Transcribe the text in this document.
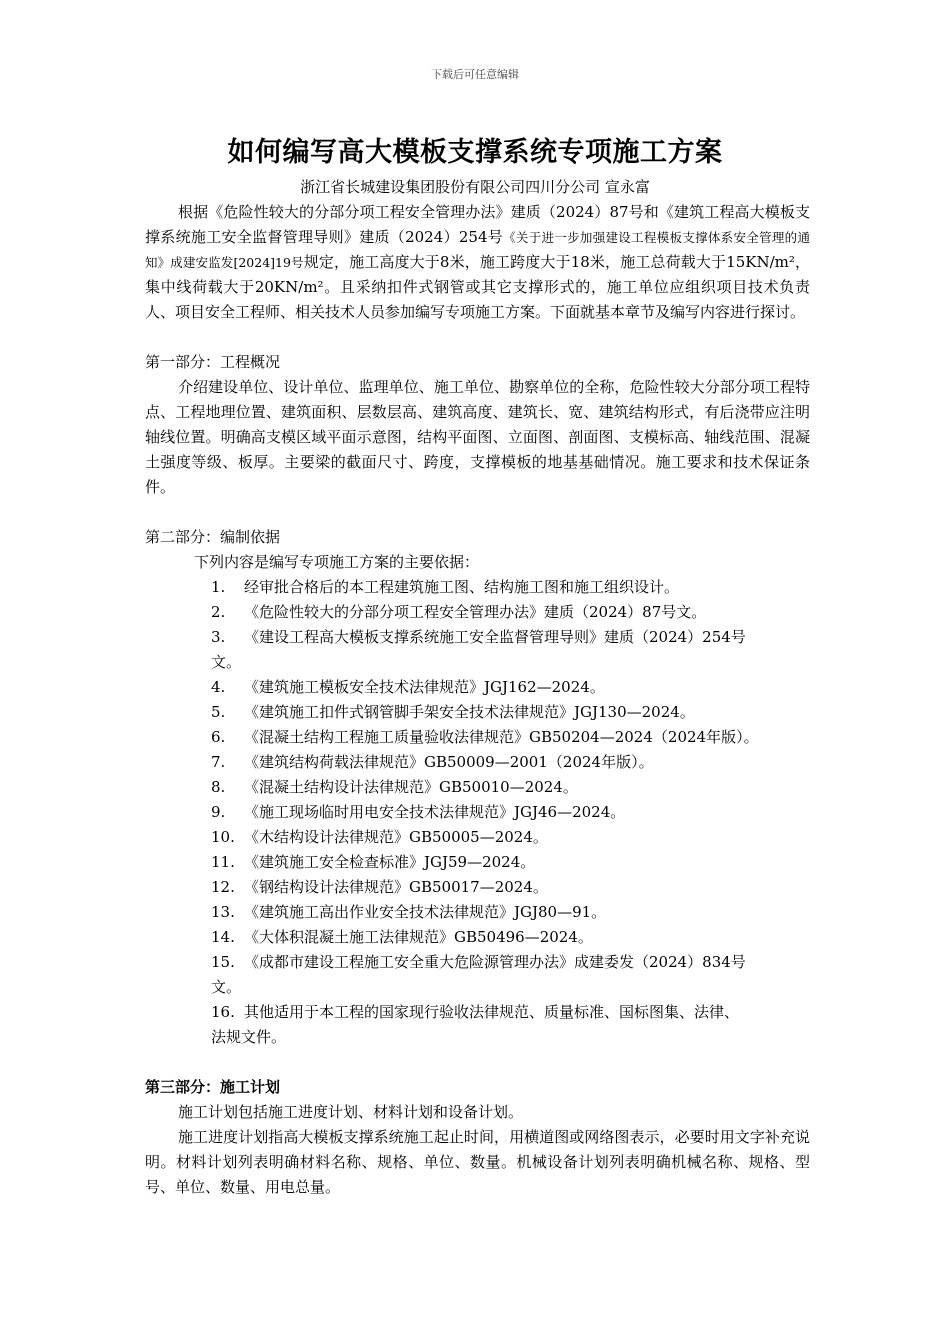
下载后可任意编辑
如何编写高大模板支撑系统专项施工方案
浙江省长城建设集团股份有限公司四川分公司 宣永富

根据《危险性较大的分部分项工程安全管理办法》建质（2024）87号和《建筑工程高大模板支撑系统施工安全监督管理导则》建质（2024）254号《关于进一步加强建设工程模板支撑体系安全管理的通知》成建安监发[2024]19号规定，施工高度大于8米，施工跨度大于18米，施工总荷载大于15KN/m²，集中线荷载大于20KN/m²。且采纳扣件式钢管或其它支撑形式的，施工单位应组织项目技术负责人、项目安全工程师、相关技术人员参加编写专项施工方案。下面就基本章节及编写内容进行探讨。

第一部分：工程概况

介绍建设单位、设计单位、监理单位、施工单位、勘察单位的全称，危险性较大分部分项工程特点、工程地理位置、建筑面积、层数层高、建筑高度、建筑长、宽、建筑结构形式，有后浇带应注明轴线位置。明确高支模区域平面示意图，结构平面图、立面图、剖面图、支模标高、轴线范围、混凝土强度等级、板厚。主要梁的截面尺寸、跨度，支撑模板的地基基础情况。施工要求和技术保证条件。

第二部分：编制依据

下列内容是编写专项施工方案的主要依据：

1. 经审批合格后的本工程建筑施工图、结构施工图和施工组织设计。
2. 《危险性较大的分部分项工程安全管理办法》建质（2024）87号文。
3. 《建设工程高大模板支撑系统施工安全监督管理导则》建质（2024）254号
文。
4. 《建筑施工模板安全技术法律规范》JGJ162—2024。
5. 《建筑施工扣件式钢管脚手架安全技术法律规范》JGJ130—2024。
6. 《混凝土结构工程施工质量验收法律规范》GB50204—2024（2024年版）。
7. 《建筑结构荷载法律规范》GB50009—2001（2024年版）。
8. 《混凝土结构设计法律规范》GB50010—2024。
9. 《施工现场临时用电安全技术法律规范》JGJ46—2024。
10. 《木结构设计法律规范》GB50005—2024。
11. 《建筑施工安全检查标准》JGJ59—2024。
12. 《钢结构设计法律规范》GB50017—2024。
13. 《建筑施工高出作业安全技术法律规范》JGJ80—91。
14. 《大体积混凝土施工法律规范》GB50496—2024。
15. 《成都市建设工程施工安全重大危险源管理办法》成建委发（2024）834号
文。
16. 其他适用于本工程的国家现行验收法律规范、质量标准、国标图集、法律、
法规文件。

第三部分：施工计划

施工计划包括施工进度计划、材料计划和设备计划。

施工进度计划指高大模板支撑系统施工起止时间，用横道图或网络图表示，必要时用文字补充说明。材料计划列表明确材料名称、规格、单位、数量。机械设备计划列表明确机械名称、规格、型号、单位、数量、用电总量。
